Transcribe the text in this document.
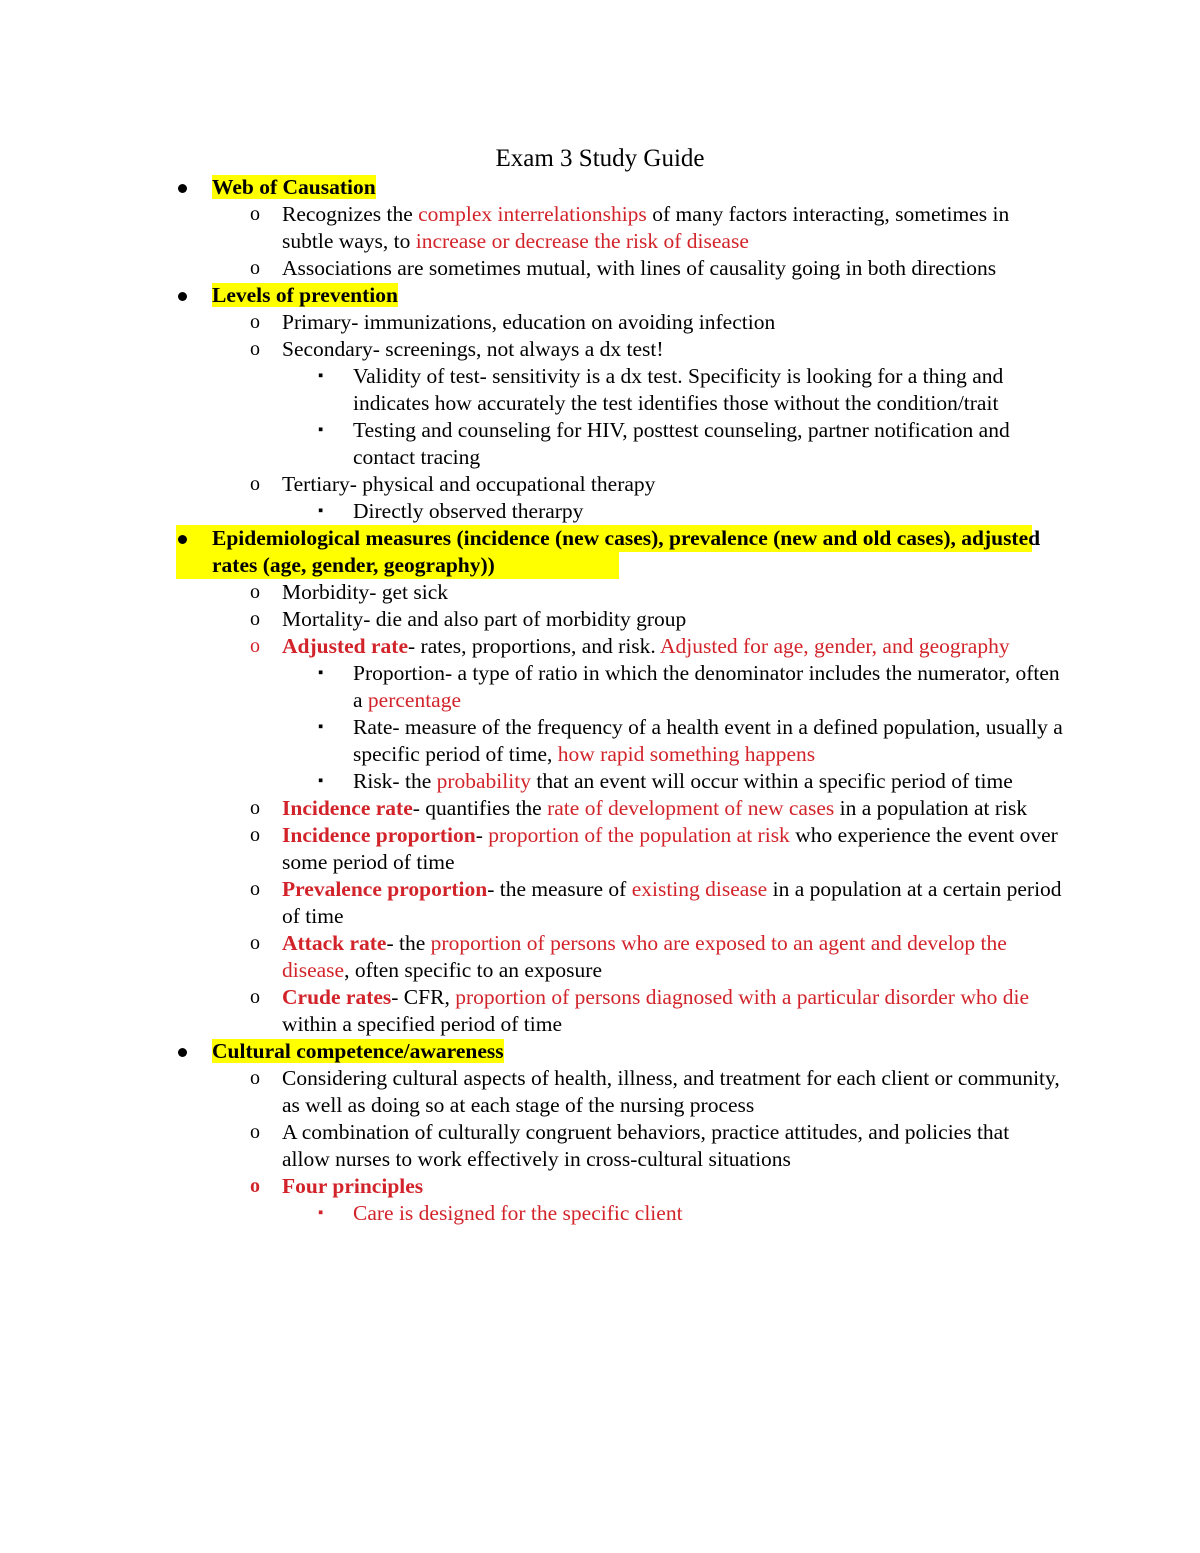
Exam 3 Study Guide
Web of Causation
o Recognizes the complex interrelationships of many factors interacting, sometimes in subtle ways, to increase or decrease the risk of disease
o Associations are sometimes mutual, with lines of causality going in both directions
Levels of prevention
o Primary- immunizations, education on avoiding infection
o Secondary- screenings, not always a dx test!
▪ Validity of test- sensitivity is a dx test. Specificity is looking for a thing and indicates how accurately the test identifies those without the condition/trait
▪ Testing and counseling for HIV, posttest counseling, partner notification and contact tracing
o Tertiary- physical and occupational therapy
▪ Directly observed therarpy
Epidemiological measures (incidence (new cases), prevalence (new and old cases), adjusted rates (age, gender, geography))
o Morbidity- get sick
o Mortality- die and also part of morbidity group
o Adjusted rate- rates, proportions, and risk. Adjusted for age, gender, and geography
▪ Proportion- a type of ratio in which the denominator includes the numerator, often a percentage
▪ Rate- measure of the frequency of a health event in a defined population, usually a specific period of time, how rapid something happens
▪ Risk- the probability that an event will occur within a specific period of time
o Incidence rate- quantifies the rate of development of new cases in a population at risk
o Incidence proportion- proportion of the population at risk who experience the event over some period of time
o Prevalence proportion- the measure of existing disease in a population at a certain period of time
o Attack rate- the proportion of persons who are exposed to an agent and develop the disease, often specific to an exposure
o Crude rates- CFR, proportion of persons diagnosed with a particular disorder who die within a specified period of time
Cultural competence/awareness
o Considering cultural aspects of health, illness, and treatment for each client or community, as well as doing so at each stage of the nursing process
o A combination of culturally congruent behaviors, practice attitudes, and policies that allow nurses to work effectively in cross-cultural situations
o Four principles
▪ Care is designed for the specific client
